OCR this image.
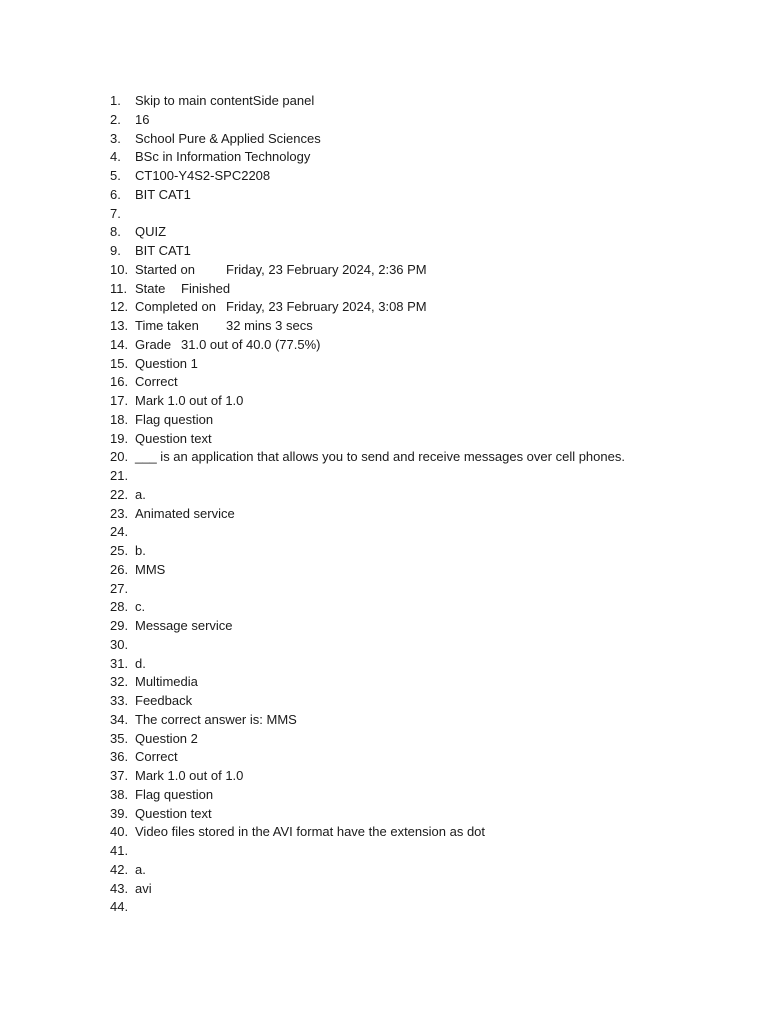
1.	Skip to main contentSide panel
2.	16
3.	School Pure & Applied Sciences
4.	BSc in Information Technology
5.	CT100-Y4S2-SPC2208
6.	BIT CAT1
7.
8.	QUIZ
9.	BIT CAT1
10. Started on	Friday, 23 February 2024, 2:36 PM
11. State	Finished
12. Completed on Friday, 23 February 2024, 3:08 PM
13. Time taken	32 mins 3 secs
14. Grade 31.0 out of 40.0 (77.5%)
15. Question 1
16. Correct
17. Mark 1.0 out of 1.0
18. Flag question
19. Question text
20. ___ is an application that allows you to send and receive messages over cell phones.
21.
22. a.
23. Animated service
24.
25. b.
26. MMS
27.
28. c.
29. Message service
30.
31. d.
32. Multimedia
33. Feedback
34. The correct answer is: MMS
35. Question 2
36. Correct
37. Mark 1.0 out of 1.0
38. Flag question
39. Question text
40. Video files stored in the AVI format have the extension as dot
41.
42. a.
43. avi
44.
